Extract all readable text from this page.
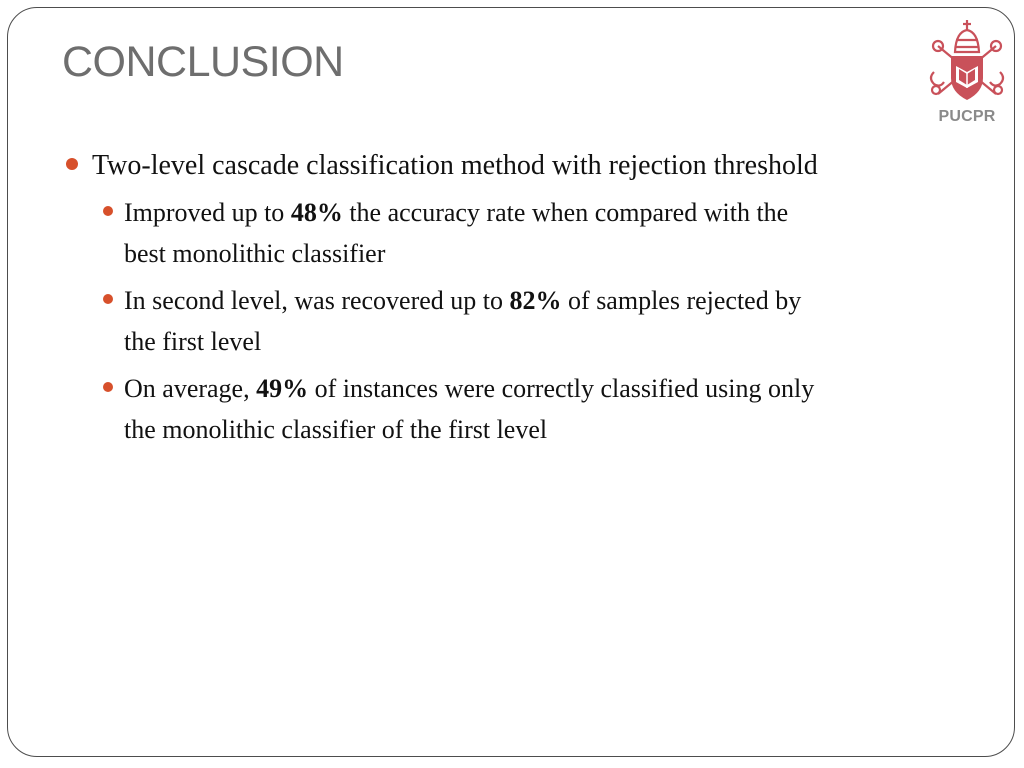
CONCLUSION
PUCPR
Two-level cascade classification method with rejection threshold
Improved up to 48% the accuracy rate when compared with the best monolithic classifier
In second level, was recovered up to 82% of samples rejected by the first level
On average, 49% of instances were correctly classified using only the monolithic classifier of the first level
